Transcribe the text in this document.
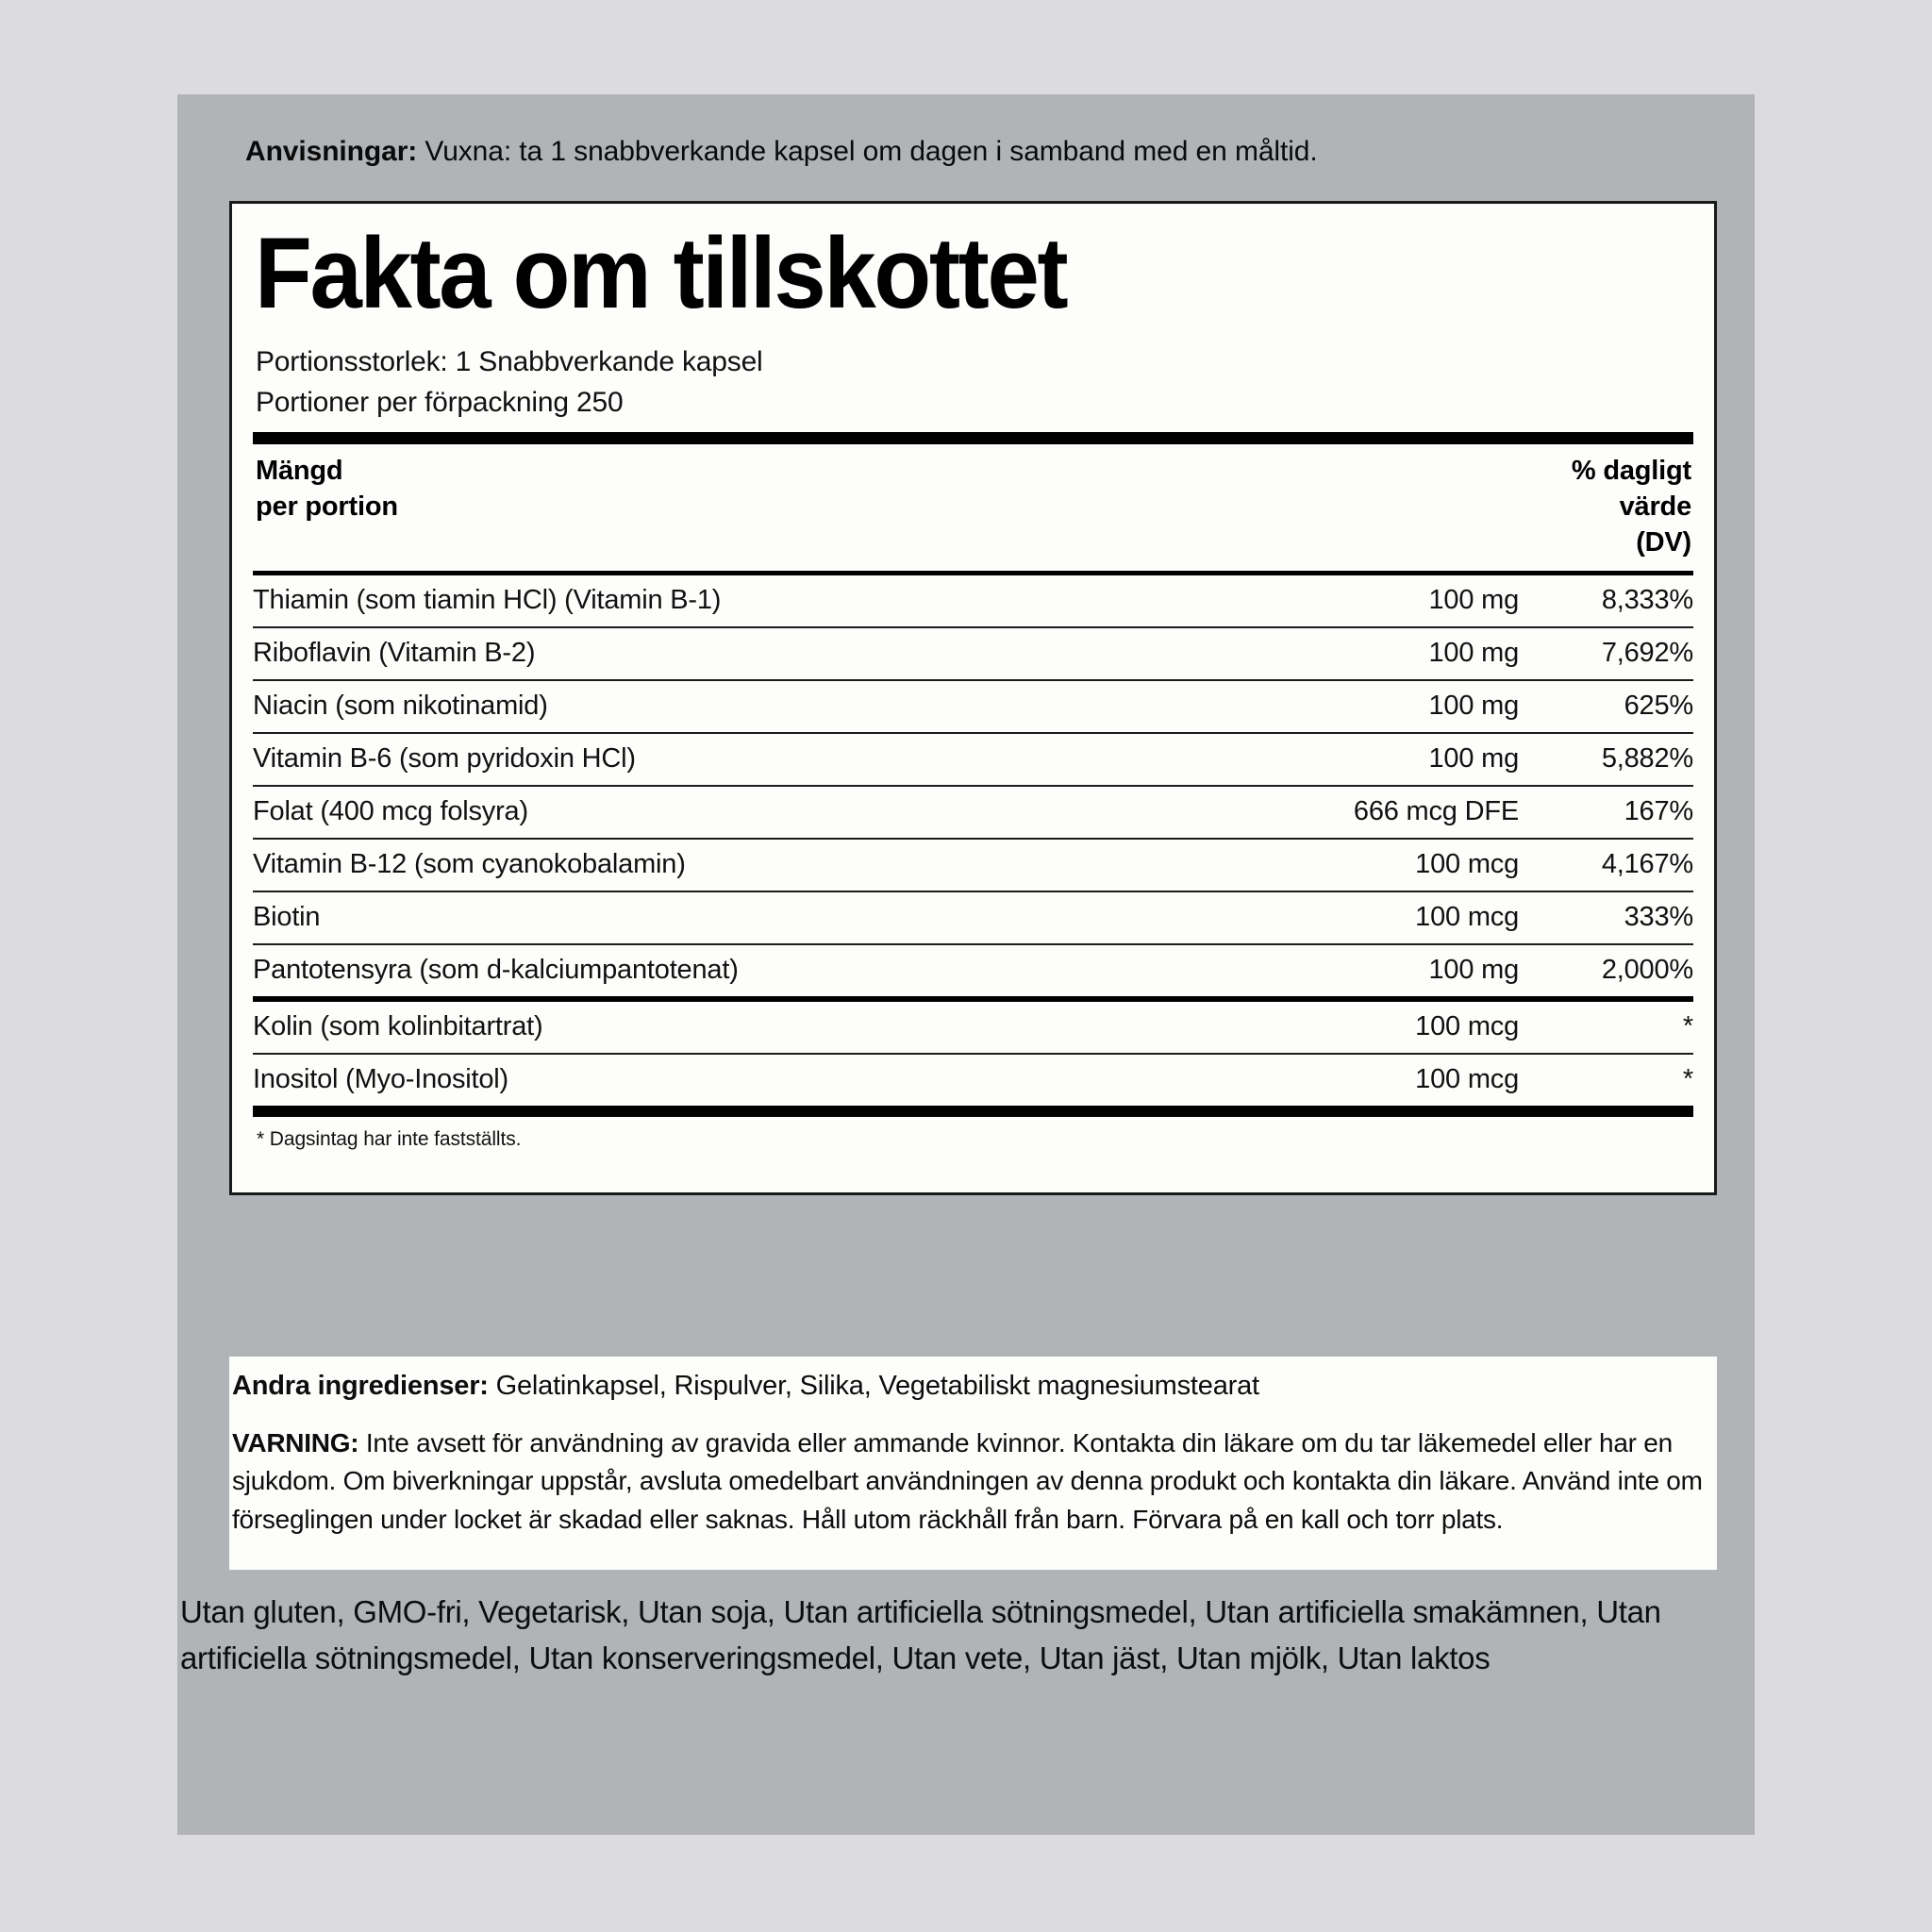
Anvisningar: Vuxna: ta 1 snabbverkande kapsel om dagen i samband med en måltid.
Fakta om tillskottet
Portionsstorlek: 1 Snabbverkande kapsel
Portioner per förpackning 250
Mängd
per portion
% dagligt
värde
(DV)
Thiamin (som tiamin HCl) (Vitamin B-1)	100 mg	8,333%
Riboflavin (Vitamin B-2)	100 mg	7,692%
Niacin (som nikotinamid)	100 mg	625%
Vitamin B-6 (som pyridoxin HCl)	100 mg	5,882%
Folat (400 mcg folsyra)	666 mcg DFE	167%
Vitamin B-12 (som cyanokobalamin)	100 mcg	4,167%
Biotin	100 mcg	333%
Pantotensyra (som d-kalciumpantotenat)	100 mg	2,000%
Kolin (som kolinbitartrat)	100 mcg	*
Inositol (Myo-Inositol)	100 mcg	*
* Dagsintag har inte fastställts.
Andra ingredienser: Gelatinkapsel, Rispulver, Silika, Vegetabiliskt magnesiumstearat
VARNING: Inte avsett för användning av gravida eller ammande kvinnor. Kontakta din läkare om du tar läkemedel eller har en sjukdom. Om biverkningar uppstår, avsluta omedelbart användningen av denna produkt och kontakta din läkare. Använd inte om förseglingen under locket är skadad eller saknas. Håll utom räckhåll från barn. Förvara på en kall och torr plats.
Utan gluten, GMO-fri, Vegetarisk, Utan soja, Utan artificiella sötningsmedel, Utan artificiella smakämnen, Utan artificiella sötningsmedel, Utan konserveringsmedel, Utan vete, Utan jäst, Utan mjölk, Utan laktos
